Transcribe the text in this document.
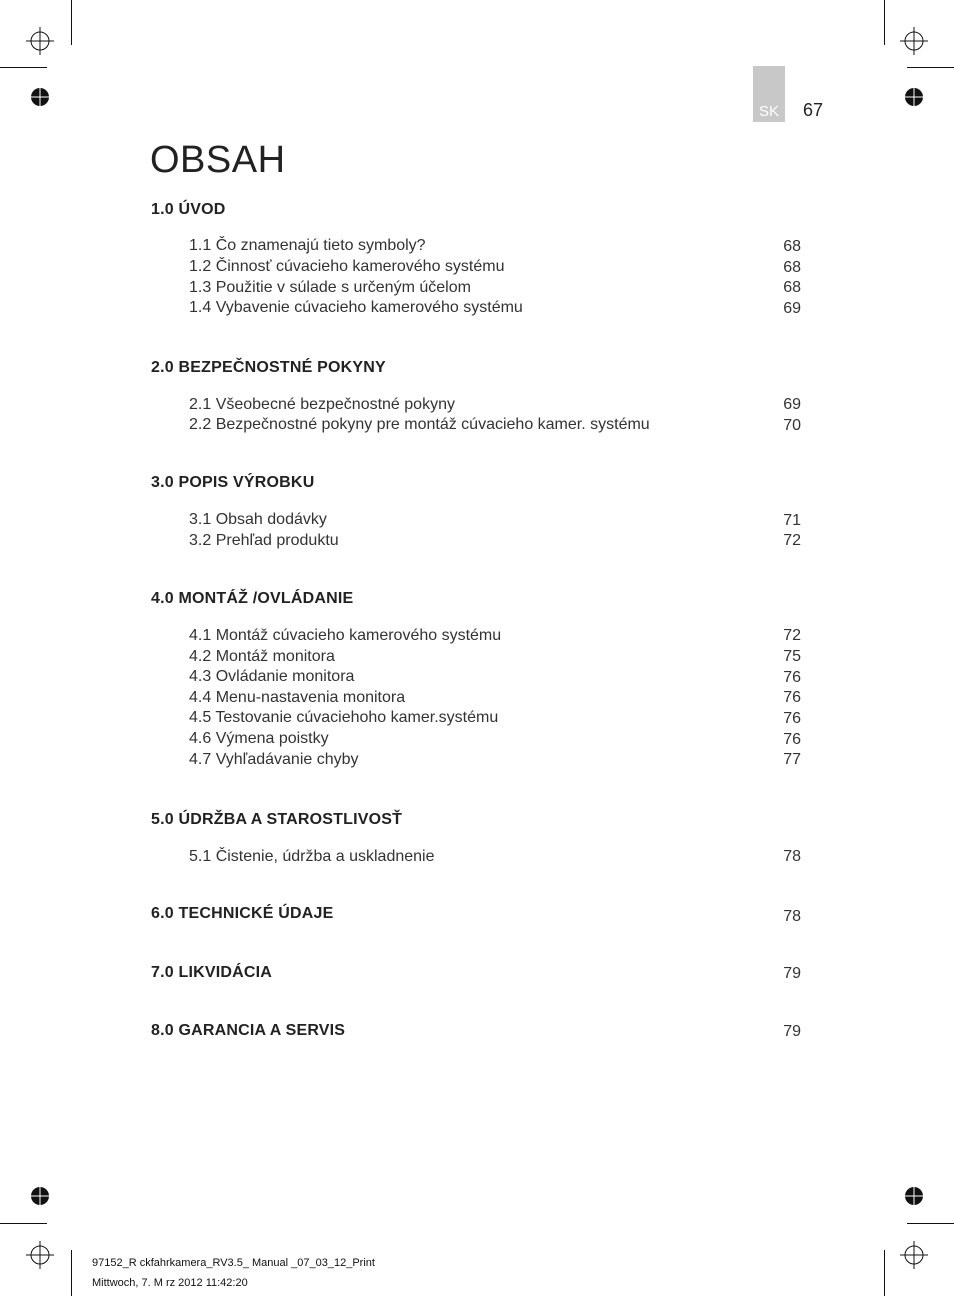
SK 67
OBSAH
1.0 ÚVOD
1.1 Čo znamenajú tieto symboly?	68
1.2 Činnosť cúvacieho kamerového systému	68
1.3 Použitie v súlade s určeným účelom	68
1.4 Vybavenie cúvacieho kamerového systému	69
2.0 BEZPEČNOSTNÉ POKYNY
2.1 Všeobecné bezpečnostné pokyny	69
2.2 Bezpečnostné pokyny pre montáž cúvacieho kamer. systému	70
3.0 POPIS VÝROBKU
3.1 Obsah dodávky	71
3.2 Prehľad produktu	72
4.0 MONTÁŽ /OVLÁDANIE
4.1 Montáž cúvacieho kamerového systému	72
4.2 Montáž monitora	75
4.3 Ovládanie monitora	76
4.4 Menu-nastavenia monitora	76
4.5 Testovanie cúvaciehoho kamer.systému	76
4.6 Výmena poistky	76
4.7 Vyhľadávanie chyby	77
5.0 ÚDRŽBA A STAROSTLIVOSŤ
5.1 Čistenie, údržba a uskladnenie	78
6.0 TECHNICKÉ ÚDAJE	78
7.0 LIKVIDÁCIA	79
8.0 GARANCIA A SERVIS	79
97152_R ckfahrkamera_RV3.5_ Manual _07_03_12_Print
Mittwoch, 7. M rz 2012 11:42:20
